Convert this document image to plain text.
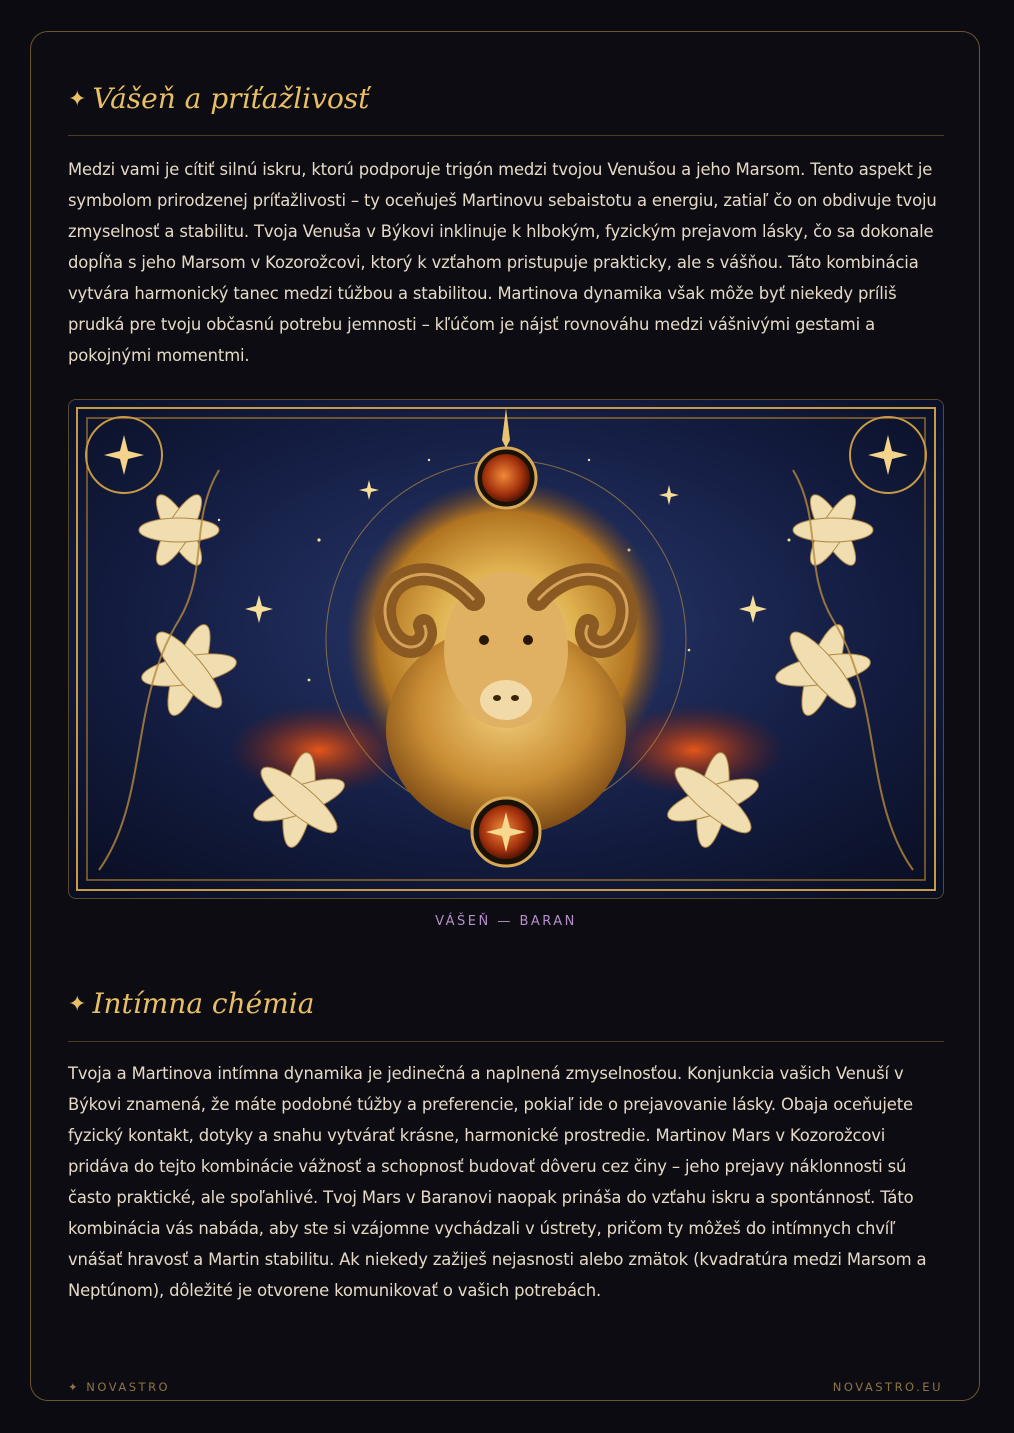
✦ Vášeň a príťažlivosť

Medzi vami je cítiť silnú iskru, ktorú podporuje trigón medzi tvojou Venušou a jeho Marsom. Tento aspekt je symbolom prirodzenej príťažlivosti – ty oceňuješ Martinovu sebaistotu a energiu, zatiaľ čo on obdivuje tvoju zmyselnosť a stabilitu. Tvoja Venuša v Býkovi inklinuje k hlbokým, fyzickým prejavom lásky, čo sa dokonale dopĺňa s jeho Marsom v Kozorožcovi, ktorý k vzťahom pristupuje prakticky, ale s vášňou. Táto kombinácia vytvára harmonický tanec medzi túžbou a stabilitou. Martinova dynamika však môže byť niekedy príliš prudká pre tvoju občasnú potrebu jemnosti – kľúčom je nájsť rovnováhu medzi vášnivými gestami a pokojnými momentmi.

VÁŠEŇ — BARAN
✦ Intímna chémia

Tvoja a Martinova intímna dynamika je jedinečná a naplnená zmyselnosťou. Konjunkcia vašich Venuší v Býkovi znamená, že máte podobné túžby a preferencie, pokiaľ ide o prejavovanie lásky. Obaja oceňujete fyzický kontakt, dotyky a snahu vytvárať krásne, harmonické prostredie. Martinov Mars v Kozorožcovi pridáva do tejto kombinácie vážnosť a schopnosť budovať dôveru cez činy – jeho prejavy náklonnosti sú často praktické, ale spoľahlivé. Tvoj Mars v Baranovi naopak prináša do vzťahu iskru a spontánnosť. Táto kombinácia vás nabáda, aby ste si vzájomne vychádzali v ústrety, pričom ty môžeš do intímnych chvíľ vnášať hravosť a Martin stabilitu. Ak niekedy zažiješ nejasnosti alebo zmätok (kvadratúra medzi Marsom a Neptúnom), dôležité je otvorene komunikovať o vašich potrebách.

✦ NOVASTRO	NOVASTRO.EU
